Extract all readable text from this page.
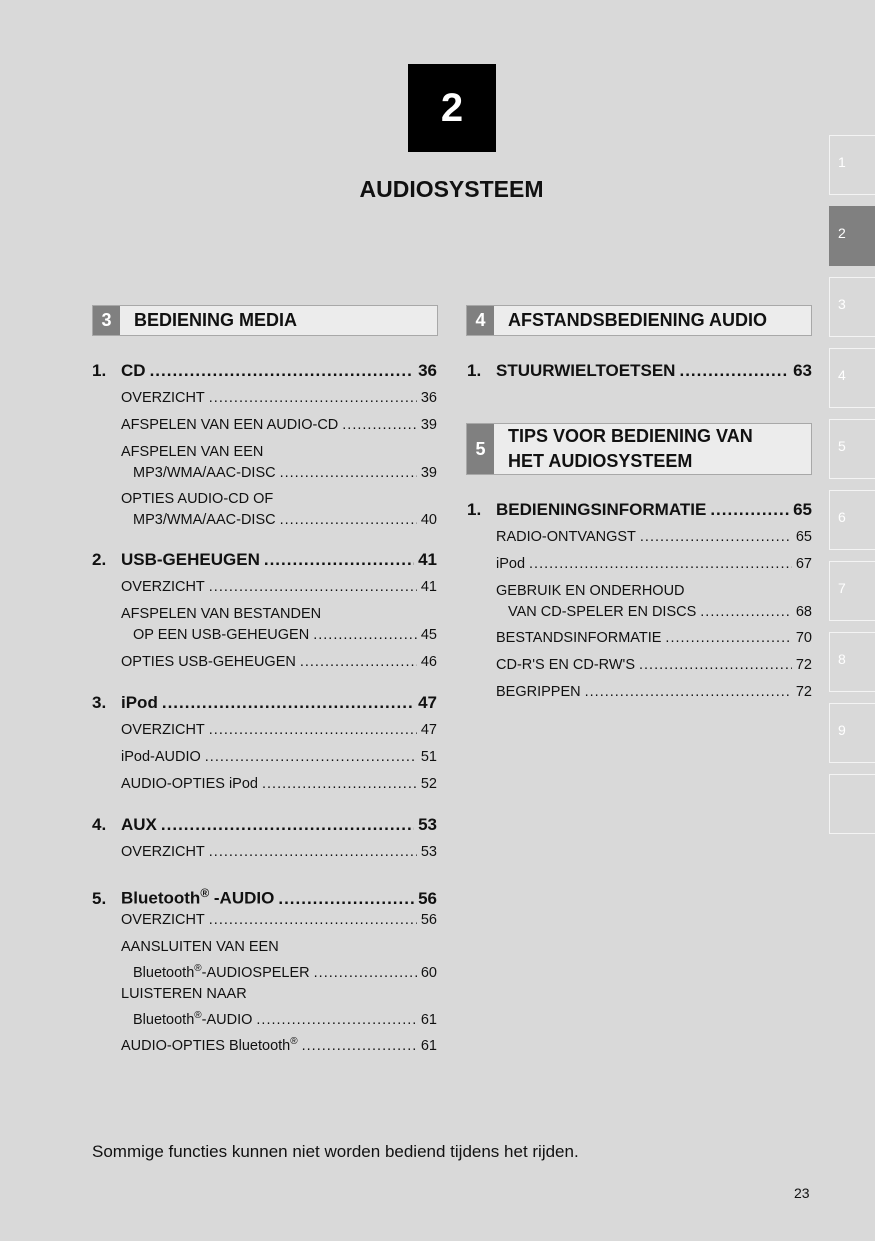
2
AUDIOSYSTEEM
1
2
3
4
5
6
7
8
9
3	BEDIENING MEDIA
1. CD .....	36
OVERZICHT .....	36
AFSPELEN VAN EEN AUDIO-CD .....	39
AFSPELEN VAN EEN
MP3/WMA/AAC-DISC .....	39
OPTIES AUDIO-CD OF
MP3/WMA/AAC-DISC .....	40
2. USB-GEHEUGEN .....	41
OVERZICHT .....	41
AFSPELEN VAN BESTANDEN
OP EEN USB-GEHEUGEN .....	45
OPTIES USB-GEHEUGEN .....	46
3. iPod .....	47
OVERZICHT .....	47
iPod-AUDIO .....	51
AUDIO-OPTIES iPod .....	52
4. AUX .....	53
OVERZICHT .....	53
5. Bluetooth® -AUDIO .....	56
OVERZICHT .....	56
AANSLUITEN VAN EEN
Bluetooth®-AUDIOSPELER .....	60
LUISTEREN NAAR
Bluetooth®-AUDIO .....	61
AUDIO-OPTIES Bluetooth® .....	61
4	AFSTANDSBEDIENING AUDIO
1. STUURWIELTOETSEN .....	63
5
TIPS VOOR BEDIENING VAN
HET AUDIOSYSTEEM
1. BEDIENINGSINFORMATIE .....	65
RADIO-ONTVANGST .....	65
iPod .....	67
GEBRUIK EN ONDERHOUD
VAN CD-SPELER EN DISCS .....	68
BESTANDSINFORMATIE .....	70
CD-R'S EN CD-RW'S .....	72
BEGRIPPEN .....	72
Sommige functies kunnen niet worden bediend tijdens het rijden.
23
